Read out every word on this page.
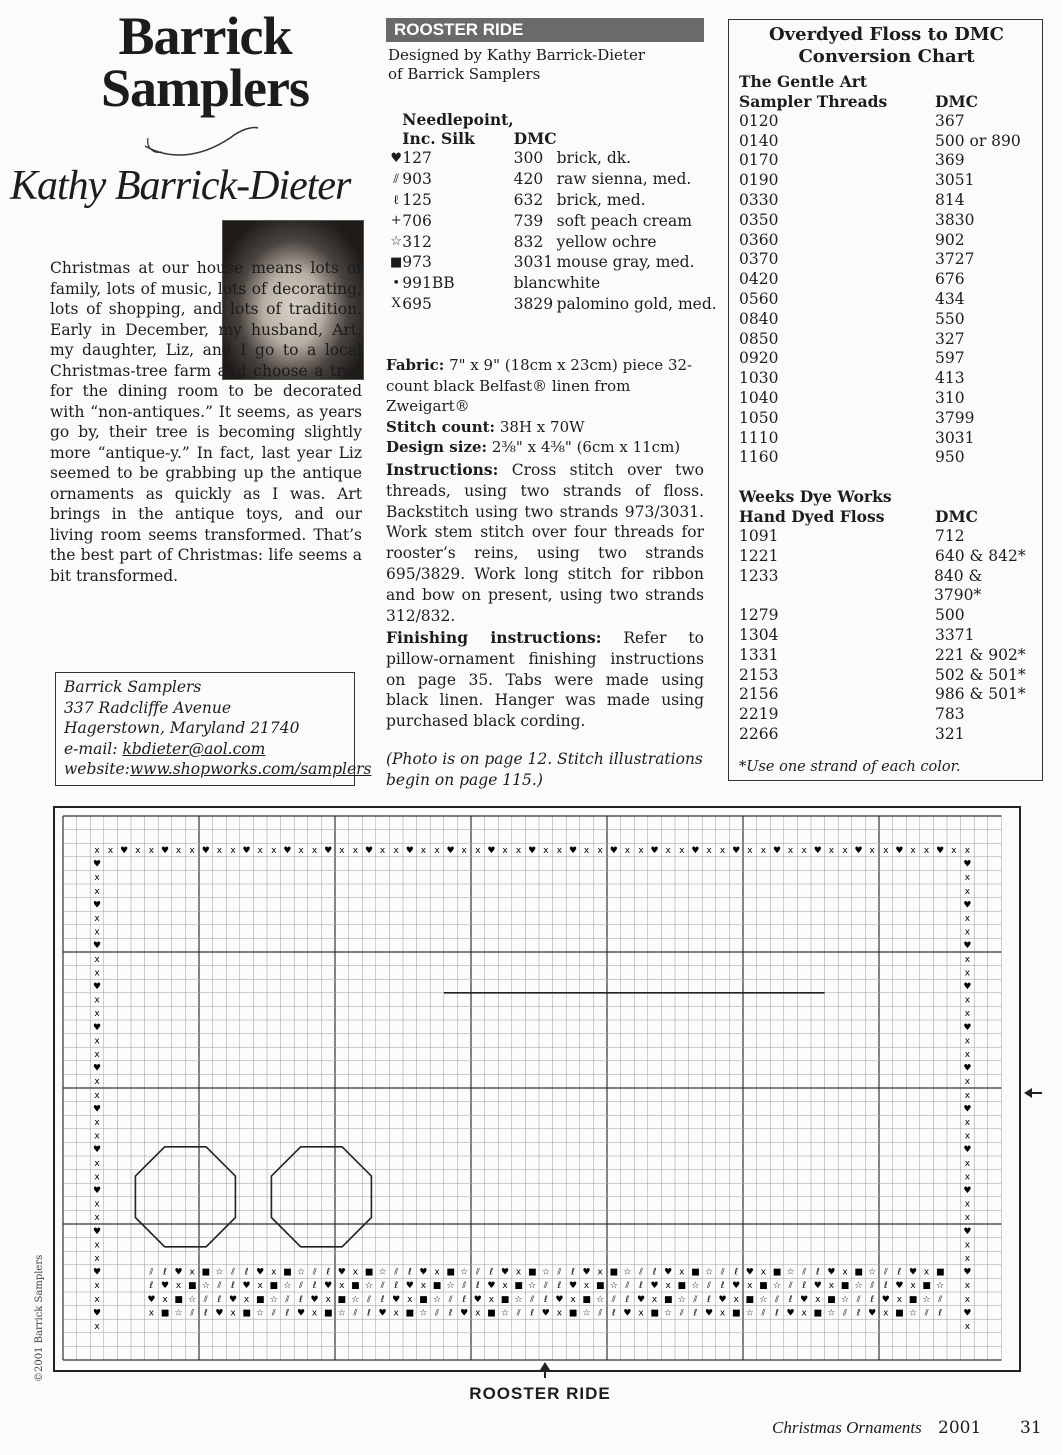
Barrick
Samplers
Kathy Barrick-Dieter
Christmas at our house means lots of family, lots of music, lots of decorating, lots of shopping, and lots of tradition. Early in December, my husband, Art, my daughter, Liz, and I go to a local Christmas-tree farm and choose a tree for the dining room to be decorated with “non-antiques.” It seems, as years go by, their tree is becoming slightly more “antique-y.” In fact, last year Liz seemed to be grabbing up the antique ornaments as quickly as I was. Art brings in the antique toys, and our living room seems transformed. That’s the best part of Christmas: life seems a bit transformed.
Barrick Samplers
337 Radcliffe Avenue
Hagerstown, Maryland 21740
e-mail: kbdieter@aol.com
website:www.shopworks.com/samplers
ROOSTER RIDE
Designed by Kathy Barrick-Dieter
of Barrick Samplers
	Needlepoint, Inc. Silk	DMC	
♥	127	300	brick, dk.
⫽	903	420	raw sienna, med.
ℓ	125	632	brick, med.
+	706	739	soft peach cream
☆	312	832	yellow ochre
■	973	3031	mouse gray, med.
•	991BB	blanc	white
X	695	3829	palomino gold, med.
Fabric: 7" x 9" (18cm x 23cm) piece 32-count black Belfast® linen from Zweigart®
Stitch count: 38H x 70W
Design size: 2⅜" x 4⅜" (6cm x 11cm)
Instructions: Cross stitch over two threads, using two strands of floss. Backstitch using two strands 973/3031. Work stem stitch over four threads for rooster’s reins, using two strands 695/3829. Work long stitch for ribbon and bow on present, using two strands 312/832.
Finishing instructions: Refer to pillow-ornament finishing instructions on page 35. Tabs were made using black linen. Hanger was made using purchased black cording.
(Photo is on page 12. Stitch illustrations begin on page 115.)
Overdyed Floss to DMC
Conversion Chart
The Gentle Art
Sampler Threads	DMC
0120	367
0140	500 or 890
0170	369
0190	3051
0330	814
0350	3830
0360	902
0370	3727
0420	676
0560	434
0840	550
0850	327
0920	597
1030	413
1040	310
1050	3799
1110	3031
1160	950
Weeks Dye Works
Hand Dyed Floss	DMC
1091	712
1221	640 & 842*
1233	840 & 3790*
1279	500
1304	3371
1331	221 & 902*
2153	502 & 501*
2156	986 & 501*
2219	783
2266	321
*Use one strand of each color.
x x ♥ x x ♥ x x ♥ x x ♥ x x ♥ x x ♥ x x ♥ x x ♥ x x ♥ x x ♥ x x ♥ x x ♥ x x ♥ x x ♥ x x ♥ x x ♥ x x ♥ x x ♥ x x ♥ x x ♥ x x ♥ x x
♥	♥
x	x
x	x
♥	♥
x	x
x	x
♥	♥
x	x
x	x
♥	♥
x	x
x	x
♥	♥
x	x
x	x
♥	♥
x	x
x	x
♥	♥
x	x
x	x
♥	♥
x	x
x	x
♥	♥
x	x
x	x
♥	♥
x	x
x	x
♥	♥
x	x
x	x
♥	♥
x	x
⫽ ℓ ♥ x ■ ☆ ⫽ ℓ ♥ x ■ ☆ ⫽ ℓ ♥ x ■ ☆ ⫽ ℓ ♥ x ■ ☆ ⫽ ℓ ♥ x ■ ☆ ⫽ ℓ ♥ x ■ ☆ ⫽ ℓ ♥ x ■ ☆ ⫽ ℓ ♥ x ■ ☆ ⫽ ℓ ♥ x ■ ☆ ⫽ ℓ ♥ x ■
ℓ ♥ x ■ ☆ ⫽ ℓ ♥ x ■ ☆ ⫽ ℓ ♥ x ■ ☆ ⫽ ℓ ♥ x ■ ☆ ⫽ ℓ ♥ x ■ ☆ ⫽ ℓ ♥ x ■ ☆ ⫽ ℓ ♥ x ■ ☆ ⫽ ℓ ♥ x ■ ☆ ⫽ ℓ ♥ x ■ ☆ ⫽ ℓ ♥ x ■ ☆
♥ x ■ ☆ ⫽ ℓ ♥ x ■ ☆ ⫽ ℓ ♥ x ■ ☆ ⫽ ℓ ♥ x ■ ☆ ⫽ ℓ ♥ x ■ ☆ ⫽ ℓ ♥ x ■ ☆ ⫽ ℓ ♥ x ■ ☆ ⫽ ℓ ♥ x ■ ☆ ⫽ ℓ ♥ x ■ ☆ ⫽ ℓ ♥ x ■ ☆ ⫽
x ■ ☆ ⫽ ℓ ♥ x ■ ☆ ⫽ ℓ ♥ x ■ ☆ ⫽ ℓ ♥ x ■ ☆ ⫽ ℓ ♥ x ■ ☆ ⫽ ℓ ♥ x ■ ☆ ⫽ ℓ ♥ x ■ ☆ ⫽ ℓ ♥ x ■ ☆ ⫽ ℓ ♥ x ■ ☆ ⫽ ℓ ♥ x ■ ☆ ⫽ ℓ
ROOSTER RIDE
©2001 Barrick Samplers
Christmas Ornaments 2001 31
